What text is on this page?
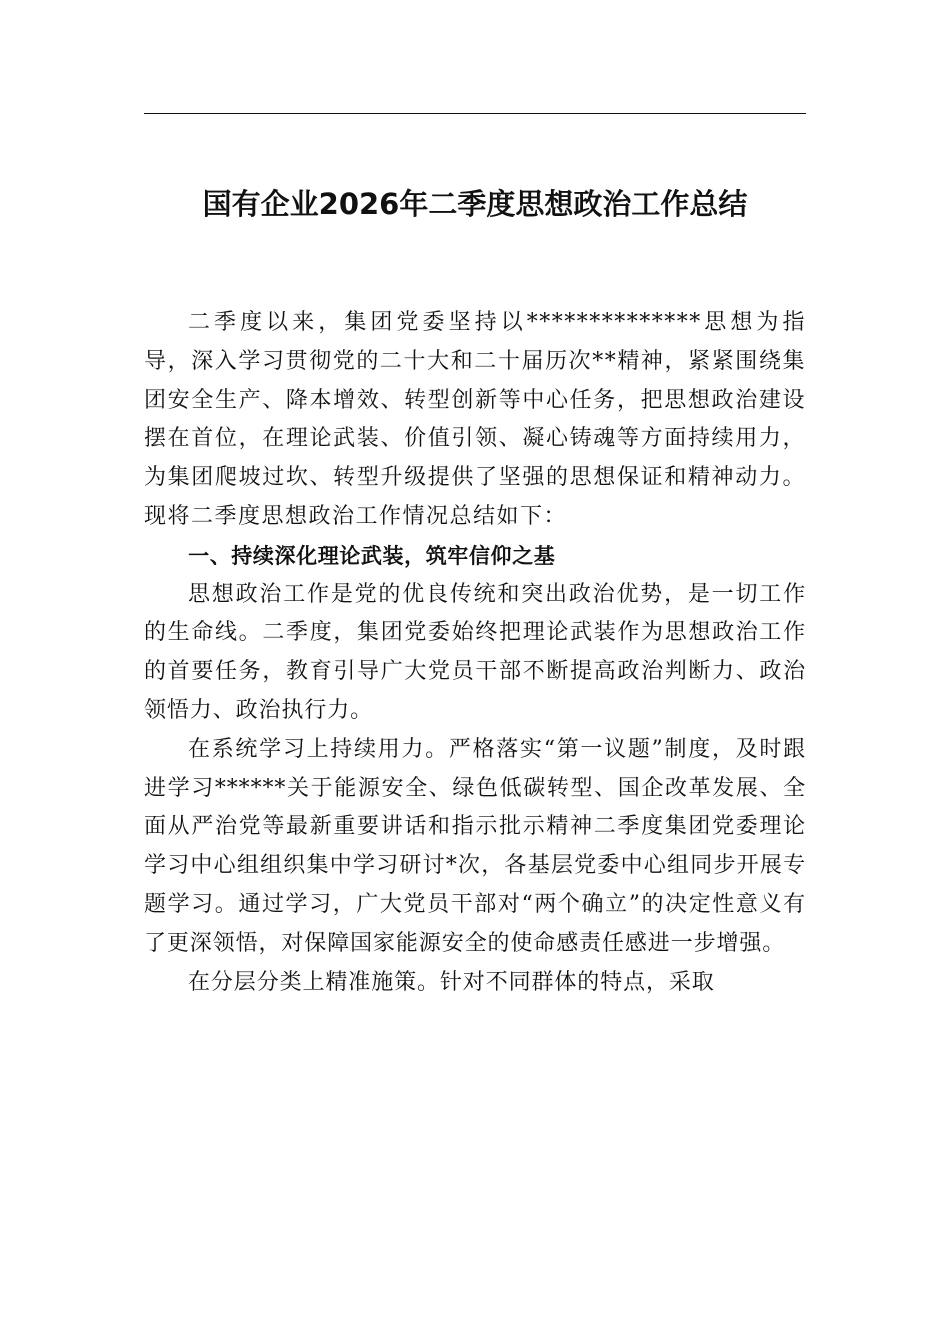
国有企业2026年二季度思想政治工作总结

二季度以来，集团党委坚持以**************思想为指导，深入学习贯彻党的二十大和二十届历次**精神，紧紧围绕集团安全生产、降本增效、转型创新等中心任务，把思想政治建设摆在首位，在理论武装、价值引领、凝心铸魂等方面持续用力，为集团爬坡过坎、转型升级提供了坚强的思想保证和精神动力。现将二季度思想政治工作情况总结如下：

一、持续深化理论武装，筑牢信仰之基

思想政治工作是党的优良传统和突出政治优势，是一切工作的生命线。二季度，集团党委始终把理论武装作为思想政治工作的首要任务，教育引导广大党员干部不断提高政治判断力、政治领悟力、政治执行力。

在系统学习上持续用力。严格落实“第一议题”制度，及时跟进学习******关于能源安全、绿色低碳转型、国企改革发展、全面从严治党等最新重要讲话和指示批示精神二季度集团党委理论学习中心组组织集中学习研讨*次，各基层党委中心组同步开展专题学习。通过学习，广大党员干部对“两个确立”的决定性意义有了更深领悟，对保障国家能源安全的使命感责任感进一步增强。

在分层分类上精准施策。针对不同群体的特点，采取
